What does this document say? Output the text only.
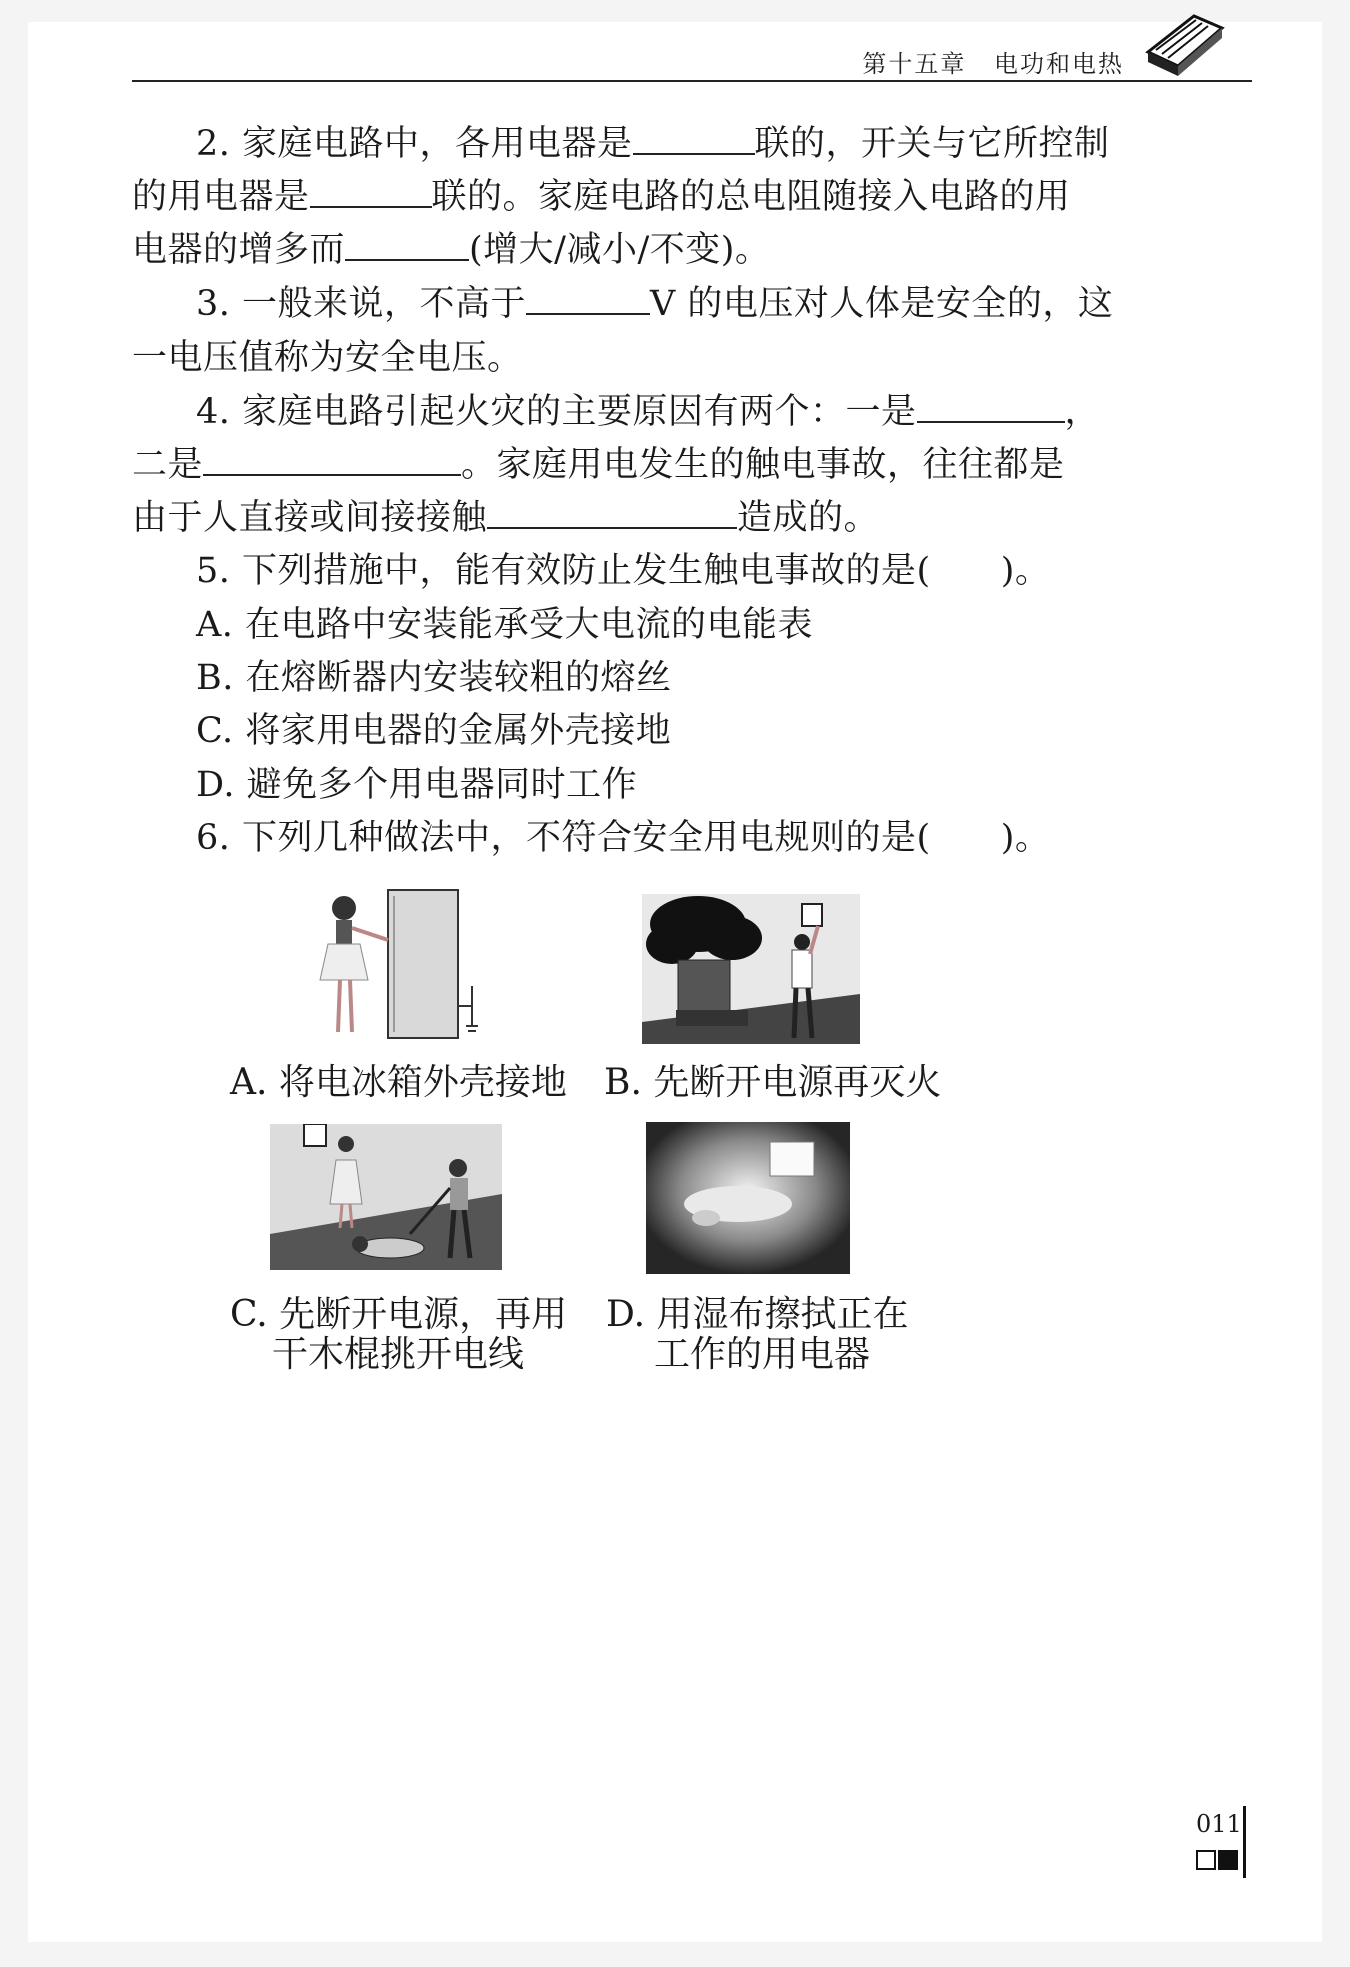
第十五章 电功和电热
2. 家庭电路中，各用电器是	联的，开关与它所控制
的用电器是	联的。家庭电路的总电阻随接入电路的用
电器的增多而	(增大/减小/不变)。
3. 一般来说，不高于	V 的电压对人体是安全的，这
一电压值称为安全电压。
4. 家庭电路引起火灾的主要原因有两个：一是	，
二是	。家庭用电发生的触电事故，往往都是
由于人直接或间接接触	造成的。
5. 下列措施中，能有效防止发生触电事故的是( )。
A. 在电路中安装能承受大电流的电能表
B. 在熔断器内安装较粗的熔丝
C. 将家用电器的金属外壳接地
D. 避免多个用电器同时工作
6. 下列几种做法中，不符合安全用电规则的是( )。
A. 将电冰箱外壳接地 B. 先断开电源再灭火
C. 先断开电源，再用
干木棍挑开电线
D. 用湿布擦拭正在
工作的用电器
011
